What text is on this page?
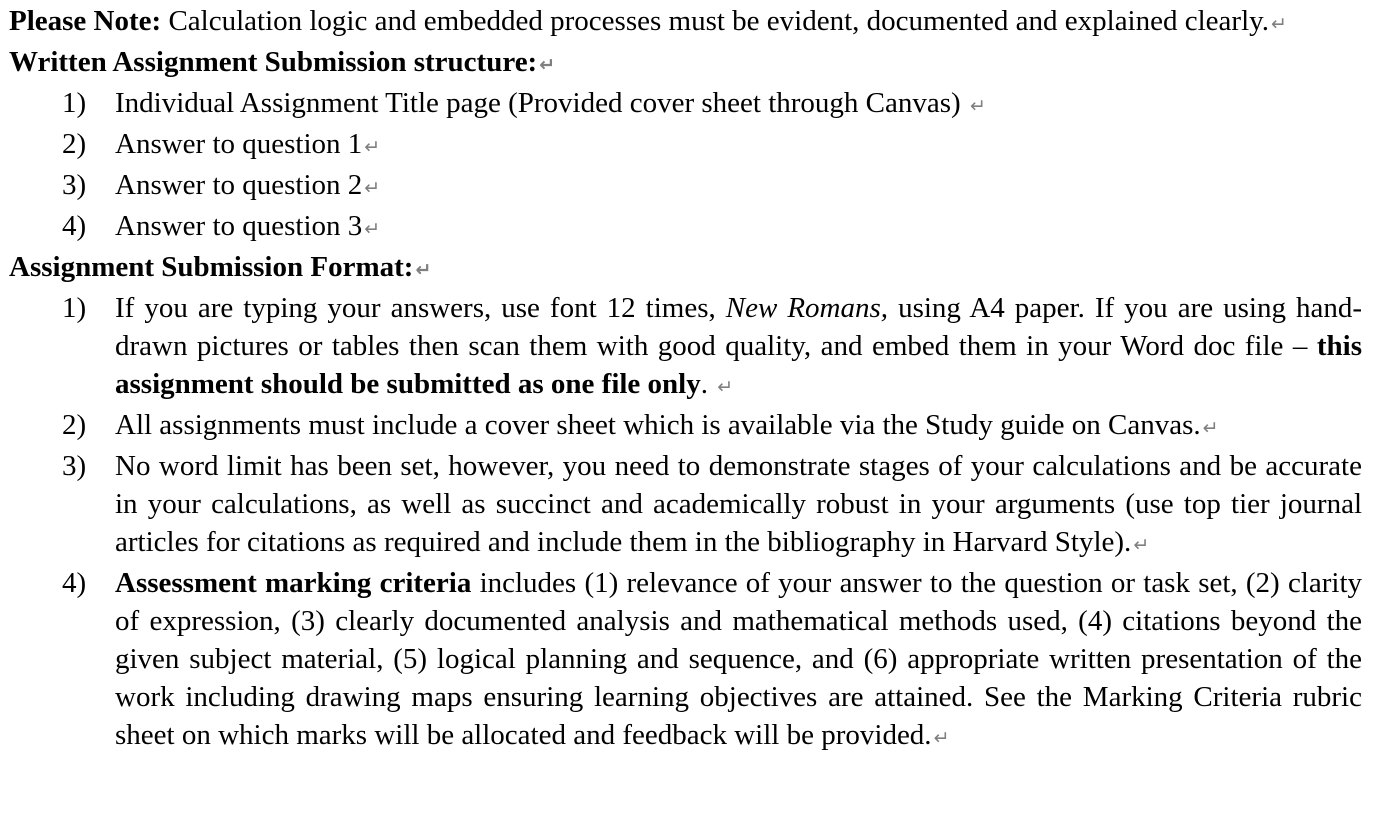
Please Note: Calculation logic and embedded processes must be evident, documented and explained clearly. ↵

Written Assignment Submission structure: ↵

1) Individual Assignment Title page (Provided cover sheet through Canvas) ↵
2) Answer to question 1 ↵
3) Answer to question 2 ↵
4) Answer to question 3 ↵

Assignment Submission Format: ↵

1) If you are typing your answers, use font 12 times, New Romans, using A4 paper. If you are using hand-drawn pictures or tables then scan them with good quality, and embed them in your Word doc file – this assignment should be submitted as one file only. ↵
2) All assignments must include a cover sheet which is available via the Study guide on Canvas. ↵
3) No word limit has been set, however, you need to demonstrate stages of your calculations and be accurate in your calculations, as well as succinct and academically robust in your arguments (use top tier journal articles for citations as required and include them in the bibliography in Harvard Style). ↵
4) Assessment marking criteria includes (1) relevance of your answer to the question or task set, (2) clarity of expression, (3) clearly documented analysis and mathematical methods used, (4) citations beyond the given subject material, (5) logical planning and sequence, and (6) appropriate written presentation of the work including drawing maps ensuring learning objectives are attained. See the Marking Criteria rubric sheet on which marks will be allocated and feedback will be provided. ↵
